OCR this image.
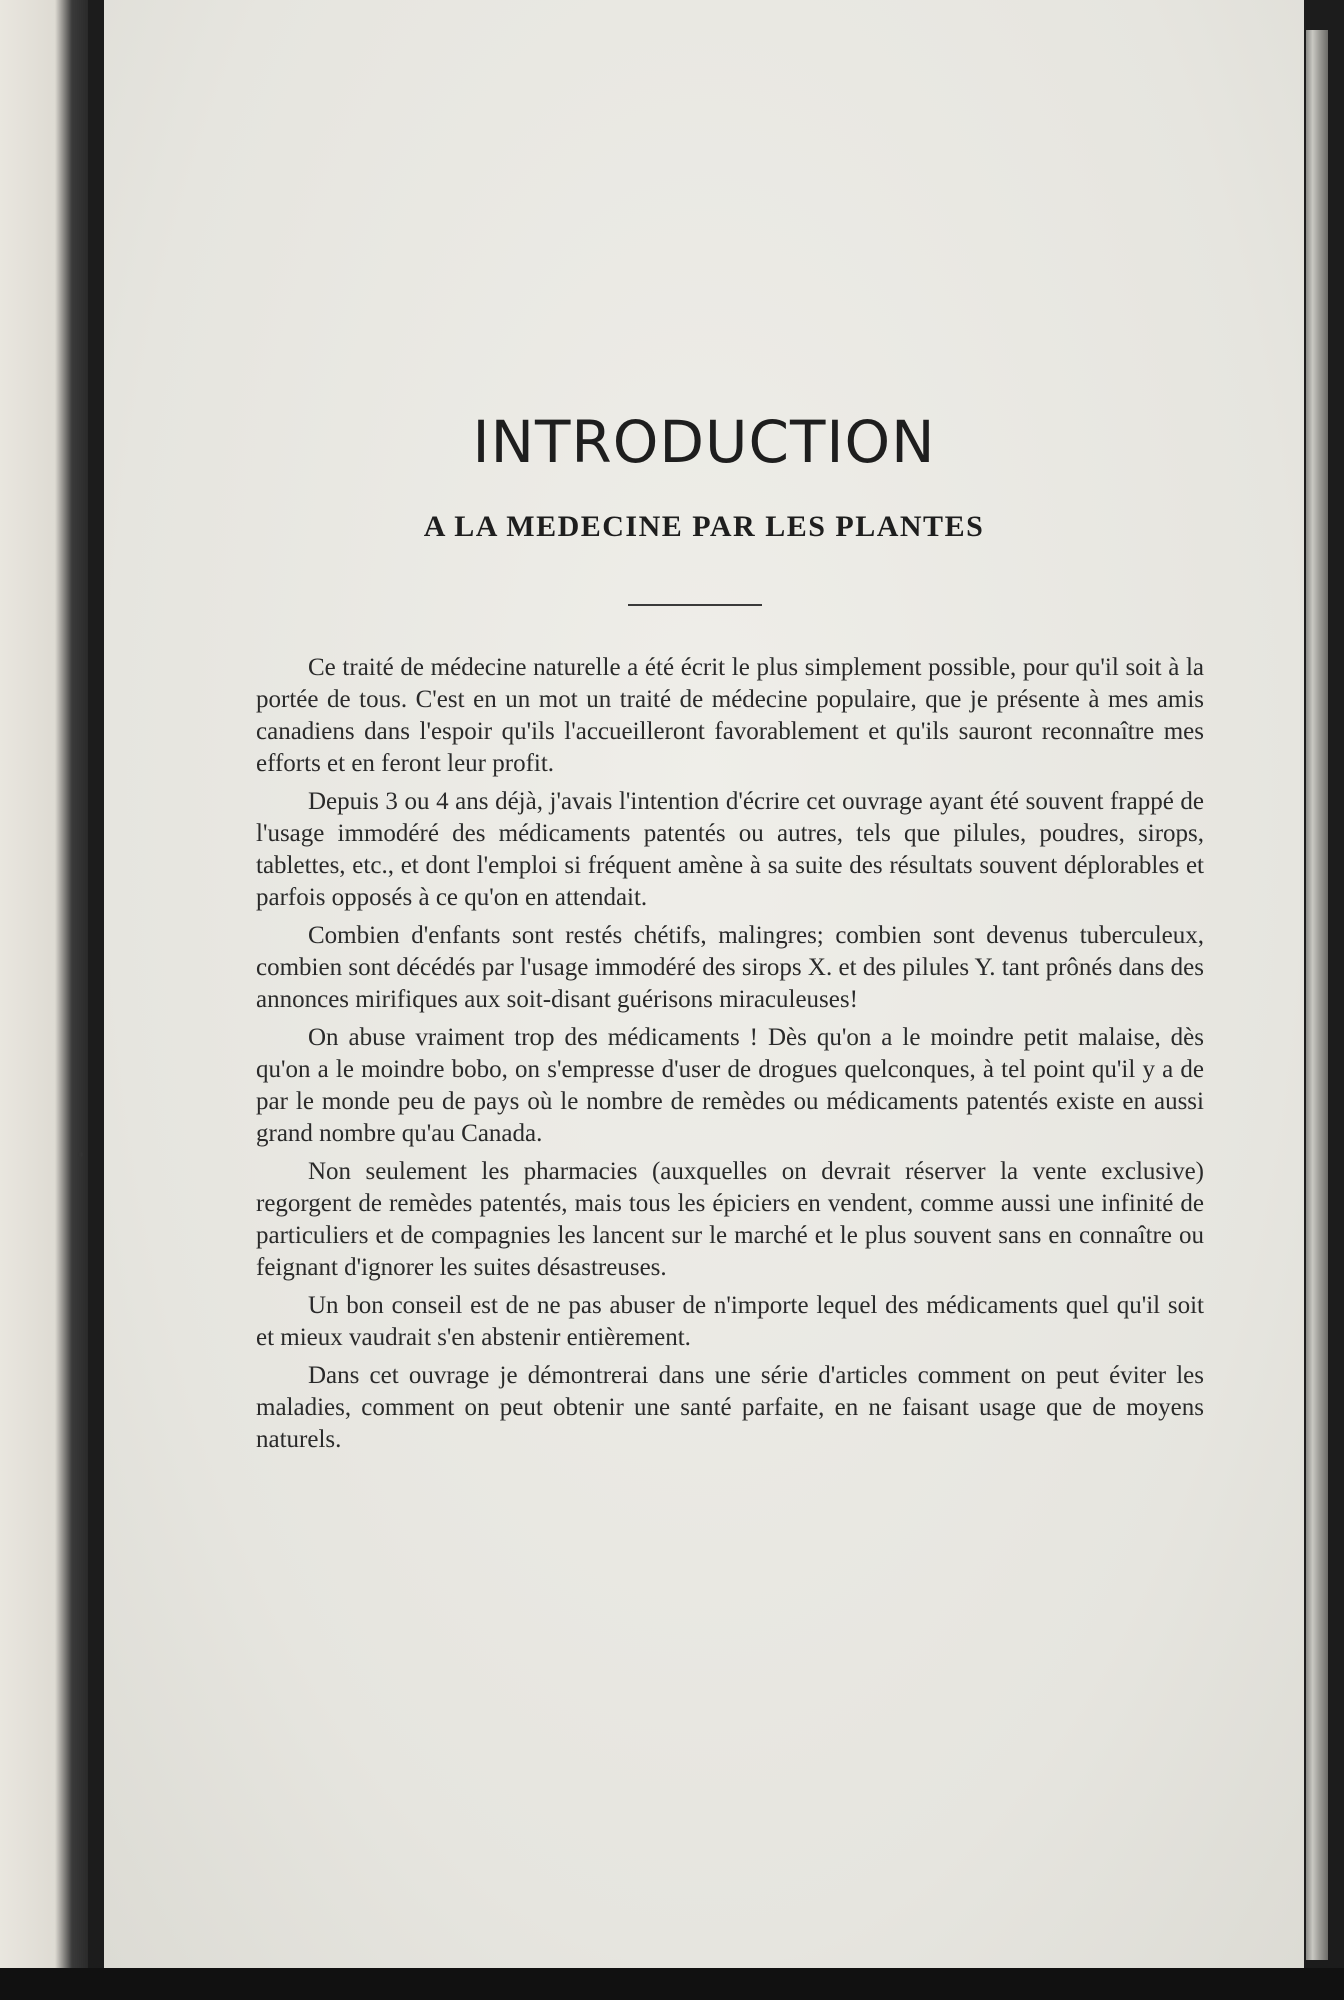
INTRODUCTION
A LA MEDECINE PAR LES PLANTES

Ce traité de médecine naturelle a été écrit le plus simplement possible, pour qu'il soit à la portée de tous. C'est en un mot un traité de médecine populaire, que je présente à mes amis canadiens dans l'espoir qu'ils l'accueilleront favorablement et qu'ils sauront reconnaître mes efforts et en feront leur profit.

Depuis 3 ou 4 ans déjà, j'avais l'intention d'écrire cet ouvrage ayant été souvent frappé de l'usage immodéré des médicaments patentés ou autres, tels que pilules, poudres, sirops, tablettes, etc., et dont l'emploi si fréquent amène à sa suite des résultats souvent déplorables et parfois opposés à ce qu'on en attendait.

Combien d'enfants sont restés chétifs, malingres; combien sont devenus tuberculeux, combien sont décédés par l'usage immodéré des sirops X. et des pilules Y. tant prônés dans des annonces mirifiques aux soit-disant guérisons miraculeuses!

On abuse vraiment trop des médicaments ! Dès qu'on a le moindre petit malaise, dès qu'on a le moindre bobo, on s'empresse d'user de drogues quelconques, à tel point qu'il y a de par le monde peu de pays où le nombre de remèdes ou médicaments patentés existe en aussi grand nombre qu'au Canada.

Non seulement les pharmacies (auxquelles on devrait réserver la vente exclusive) regorgent de remèdes patentés, mais tous les épiciers en vendent, comme aussi une infinité de particuliers et de compagnies les lancent sur le marché et le plus souvent sans en connaître ou feignant d'ignorer les suites désastreuses.

Un bon conseil est de ne pas abuser de n'importe lequel des médicaments quel qu'il soit et mieux vaudrait s'en abstenir entièrement.

Dans cet ouvrage je démontrerai dans une série d'articles comment on peut éviter les maladies, comment on peut obtenir une santé parfaite, en ne faisant usage que de moyens naturels.
